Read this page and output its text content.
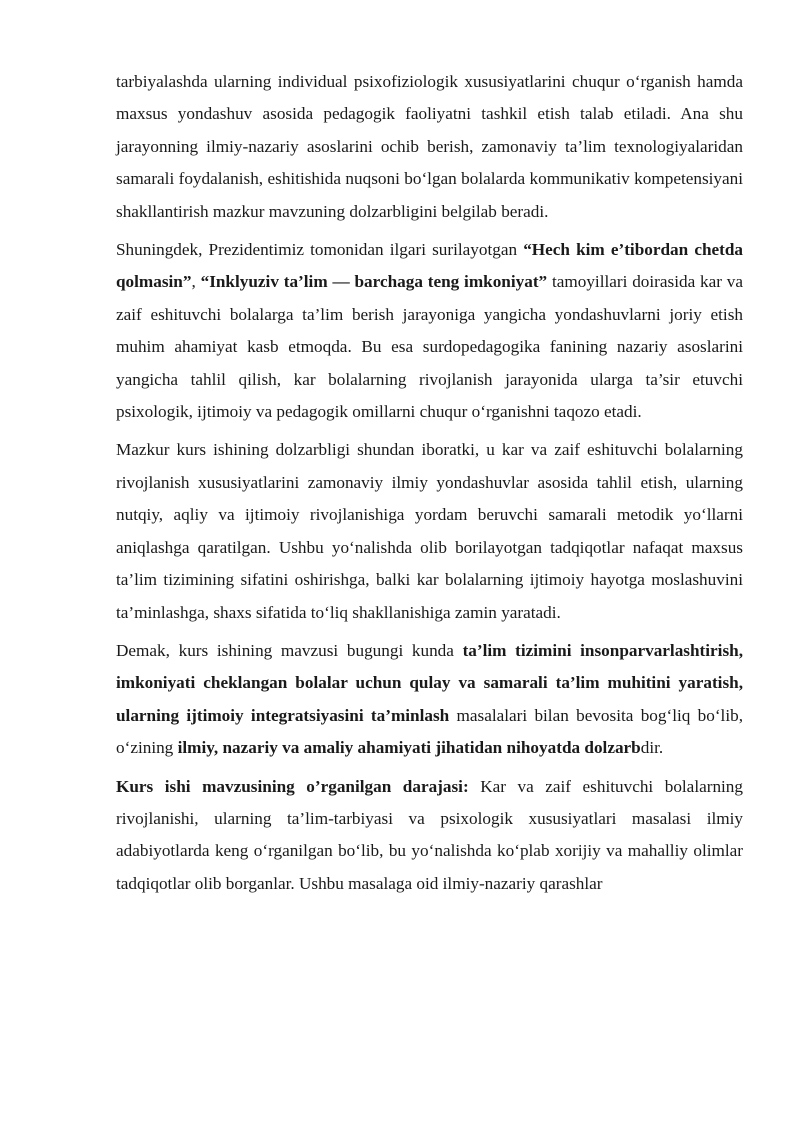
tarbiyalashda ularning individual psixofiziologik xususiyatlarini chuqur o‘rganish hamda maxsus yondashuv asosida pedagogik faoliyatni tashkil etish talab etiladi. Ana shu jarayonning ilmiy-nazariy asoslarini ochib berish, zamonaviy ta’lim texnologiyalaridan samarali foydalanish, eshitishida nuqsoni bo‘lgan bolalarda kommunikativ kompetensiyani shakllantirish mazkur mavzuning dolzarbligini belgilab beradi.

Shuningdek, Prezidentimiz tomonidan ilgari surilayotgan “Hech kim e’tibordan chetda qolmasin”, “Inklyuziv ta’lim — barchaga teng imkoniyat” tamoyillari doirasida kar va zaif eshituvchi bolalarga ta’lim berish jarayoniga yangicha yondashuvlarni joriy etish muhim ahamiyat kasb etmoqda. Bu esa surdopedagogika fanining nazariy asoslarini yangicha tahlil qilish, kar bolalarning rivojlanish jarayonida ularga ta’sir etuvchi psixologik, ijtimoiy va pedagogik omillarni chuqur o‘rganishni taqozo etadi.

Mazkur kurs ishining dolzarbligi shundan iboratki, u kar va zaif eshituvchi bolalarning rivojlanish xususiyatlarini zamonaviy ilmiy yondashuvlar asosida tahlil etish, ularning nutqiy, aqliy va ijtimoiy rivojlanishiga yordam beruvchi samarali metodik yo‘llarni aniqlashga qaratilgan. Ushbu yo‘nalishda olib borilayotgan tadqiqotlar nafaqat maxsus ta’lim tizimining sifatini oshirishga, balki kar bolalarning ijtimoiy hayotga moslashuvini ta’minlashga, shaxs sifatida to‘liq shakllanishiga zamin yaratadi.

Demak, kurs ishining mavzusi bugungi kunda ta’lim tizimini insonparvarlashtirish, imkoniyati cheklangan bolalar uchun qulay va samarali ta’lim muhitini yaratish, ularning ijtimoiy integratsiyasini ta’minlash masalalari bilan bevosita bog‘liq bo‘lib, o‘zining ilmiy, nazariy va amaliy ahamiyati jihatidan nihoyatda dolzarbdir.

Kurs ishi mavzusining o’rganilgan darajasi: Kar va zaif eshituvchi bolalarning rivojlanishi, ularning ta’lim-tarbiyasi va psixologik xususiyatlari masalasi ilmiy adabiyotlarda keng o‘rganilgan bo‘lib, bu yo‘nalishda ko‘plab xorijiy va mahalliy olimlar tadqiqotlar olib borganlar. Ushbu masalaga oid ilmiy-nazariy qarashlar
